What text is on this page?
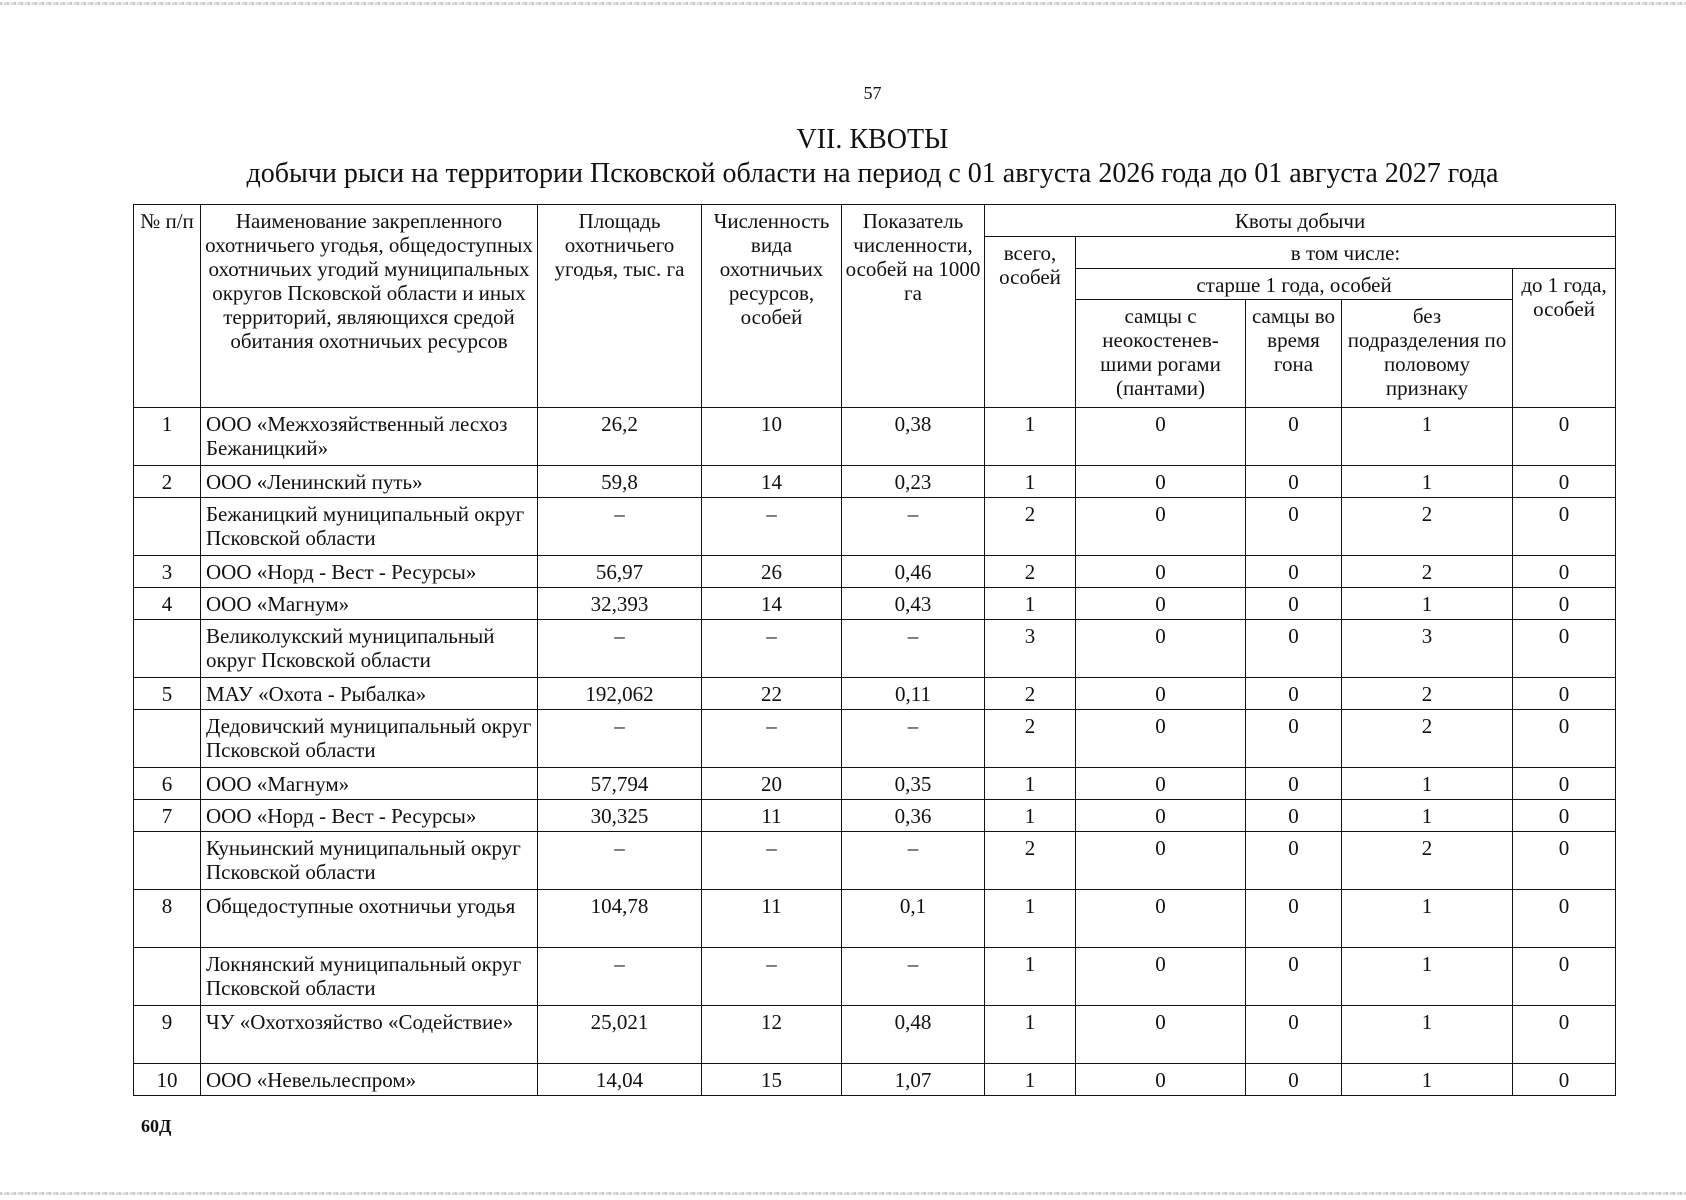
57
VII. КВОТЫ
добычи рыси на территории Псковской области на период с 01 августа 2026 года до 01 августа 2027 года
№ п/п	Наименование закрепленного охотничьего угодья, общедоступных охотничьих угодий муниципальных округов Псковской области и иных территорий, являющихся средой обитания охотничьих ресурсов	Площадь охотничьего угодья, тыс. га	Численность вида охотничьих ресурсов, особей	Показатель численности, особей на 1000 га	Квоты добычи				
					всего, особей	в том числе:			
						старше 1 года, особей			до 1 года, особей
						самцы с неокостенев-шими рогами (пантами)	самцы во время гона	без подразделения по половому признаку	
1	ООО «Межхозяйственный лесхоз Бежаницкий»	26,2	10	0,38	1	0	0	1	0
2	ООО «Ленинский путь»	59,8	14	0,23	1	0	0	1	0
	Бежаницкий муниципальный округ Псковской области	–	–	–	2	0	0	2	0
3	ООО «Норд - Вест - Ресурсы»	56,97	26	0,46	2	0	0	2	0
4	ООО «Магнум»	32,393	14	0,43	1	0	0	1	0
	Великолукский муниципальный округ Псковской области	–	–	–	3	0	0	3	0
5	МАУ «Охота - Рыбалка»	192,062	22	0,11	2	0	0	2	0
	Дедовичский муниципальный округ Псковской области	–	–	–	2	0	0	2	0
6	ООО «Магнум»	57,794	20	0,35	1	0	0	1	0
7	ООО «Норд - Вест - Ресурсы»	30,325	11	0,36	1	0	0	1	0
	Куньинский муниципальный округ Псковской области	–	–	–	2	0	0	2	0
8	Общедоступные охотничьи угодья	104,78	11	0,1	1	0	0	1	0
	Локнянский муниципальный округ Псковской области	–	–	–	1	0	0	1	0
9	ЧУ «Охотхозяйство «Содействие»	25,021	12	0,48	1	0	0	1	0
10	ООО «Невельлеспром»	14,04	15	1,07	1	0	0	1	0
60Д
